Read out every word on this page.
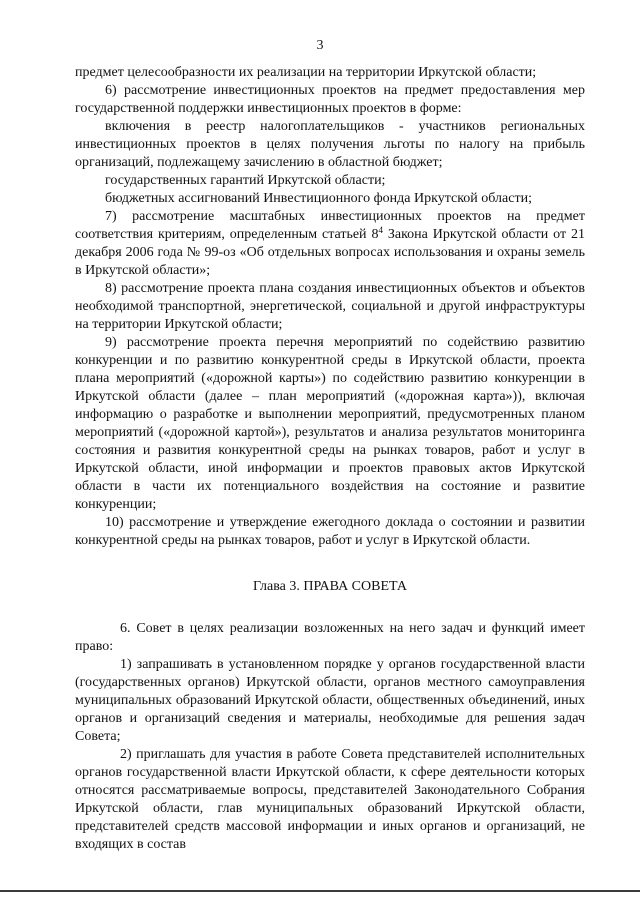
3

предмет целесообразности их реализации на территории Иркутской области;

6) рассмотрение инвестиционных проектов на предмет предоставления мер государственной поддержки инвестиционных проектов в форме:

включения в реестр налогоплательщиков - участников региональных инвестиционных проектов в целях получения льготы по налогу на прибыль организаций, подлежащему зачислению в областной бюджет;

государственных гарантий Иркутской области;

бюджетных ассигнований Инвестиционного фонда Иркутской области;

7) рассмотрение масштабных инвестиционных проектов на предмет соответствия критериям, определенным статьей $8^4$ Закона Иркутской области от 21 декабря 2006 года № 99-оз «Об отдельных вопросах использования и охраны земель в Иркутской области»;

8) рассмотрение проекта плана создания инвестиционных объектов и объектов необходимой транспортной, энергетической, социальной и другой инфраструктуры на территории Иркутской области;

9) рассмотрение проекта перечня мероприятий по содействию развитию конкуренции и по развитию конкурентной среды в Иркутской области, проекта плана мероприятий («дорожной карты») по содействию развитию конкуренции в Иркутской области (далее – план мероприятий («дорожная карта»)), включая информацию о разработке и выполнении мероприятий, предусмотренных планом мероприятий («дорожной картой»), результатов и анализа результатов мониторинга состояния и развития конкурентной среды на рынках товаров, работ и услуг в Иркутской области, иной информации и проектов правовых актов Иркутской области в части их потенциального воздействия на состояние и развитие конкуренции;

10) рассмотрение и утверждение ежегодного доклада о состоянии и развитии конкурентной среды на рынках товаров, работ и услуг в Иркутской области.

Глава 3. ПРАВА СОВЕТА

6. Совет в целях реализации возложенных на него задач и функций имеет право:

1) запрашивать в установленном порядке у органов государственной власти (государственных органов) Иркутской области, органов местного самоуправления муниципальных образований Иркутской области, общественных объединений, иных органов и организаций сведения и материалы, необходимые для решения задач Совета;

2) приглашать для участия в работе Совета представителей исполнительных органов государственной власти Иркутской области, к сфере деятельности которых относятся рассматриваемые вопросы, представителей Законодательного Собрания Иркутской области, глав муниципальных образований Иркутской области, представителей средств массовой информации и иных органов и организаций, не входящих в состав
